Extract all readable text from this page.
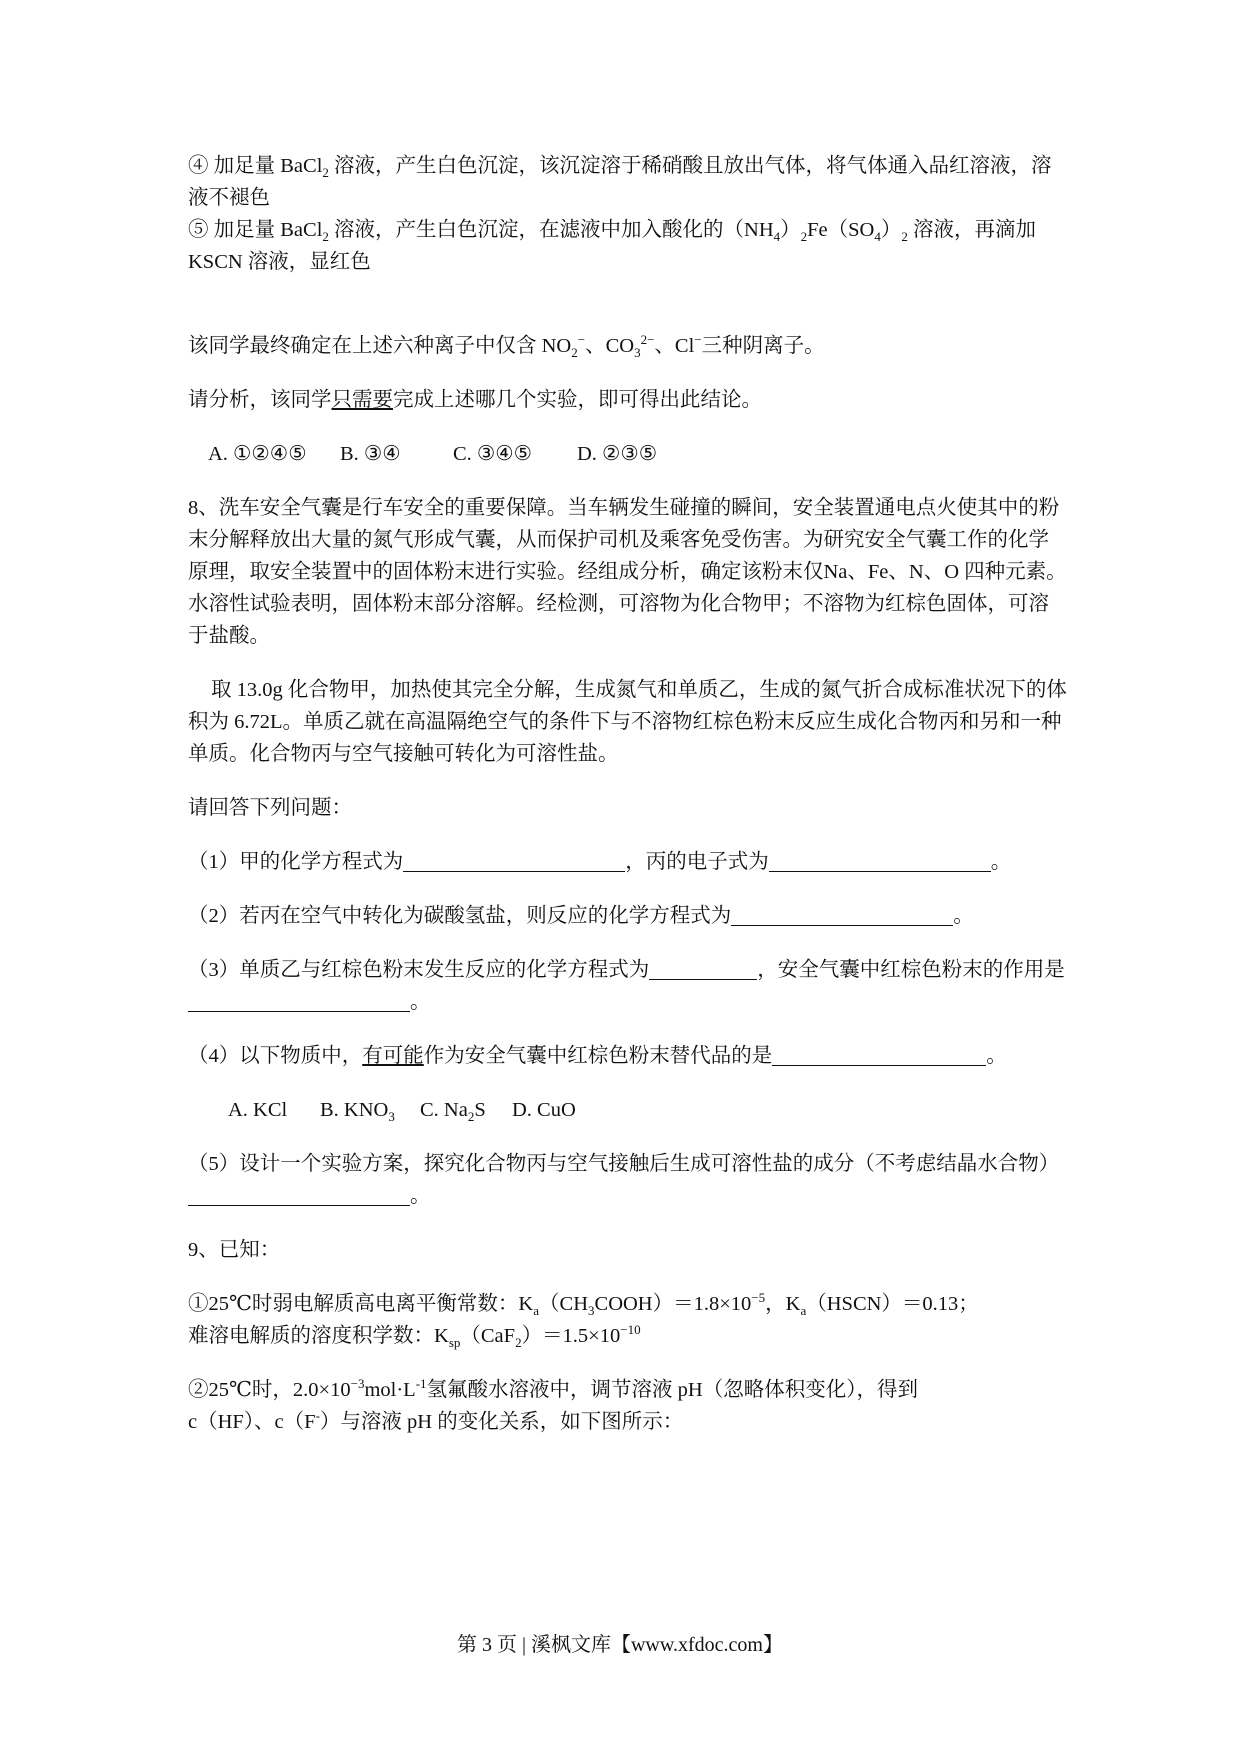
④ 加足量 BaCl$_2$ 溶液，产生白色沉淀，该沉淀溶于稀硝酸且放出气体，将气体通入品红溶液，溶液不褪色

⑤ 加足量 BaCl$_2$ 溶液，产生白色沉淀，在滤液中加入酸化的$(NH_4)_2Fe(SO_4)_2$ 溶液，再滴加 KSCN 溶液，显红色

该同学最终确定在上述六种离子中仅含 $NO_2^-$、$CO_3^{2-}$、Cl−三种阴离子。

请分析，该同学只需要完成上述哪几个实验，即可得出此结论。

A. ①②④⑤ B. ③④	C. ③④⑤ D. ②③⑤

8、洗车安全气囊是行车安全的重要保障。当车辆发生碰撞的瞬间，安全装置通电点火使其中的粉末分解释放出大量的氮气形成气囊，从而保护司机及乘客免受伤害。为研究安全气囊工作的化学原理，取安全装置中的固体粉末进行实验。经组成分析，确定该粉末仅Na、Fe、N、O 四种元素。水溶性试验表明，固体粉末部分溶解。经检测，可溶物为化合物甲；不溶物为红棕色固体，可溶于盐酸。

取 13.0g 化合物甲，加热使其完全分解，生成氮气和单质乙，生成的氮气折合成标准状况下的体积为 6.72L。单质乙就在高温隔绝空气的条件下与不溶物红棕色粉末反应生成化合物丙和另和一种单质。化合物丙与空气接触可转化为可溶性盐。

请回答下列问题：

（1）甲的化学方程式为	，丙的电子式为	。

（2）若丙在空气中转化为碳酸氢盐，则反应的化学方程式为	。

（3）单质乙与红棕色粉末发生反应的化学方程式为	，安全气囊中红棕色粉末的作用是。

（4）以下物质中，有可能作为安全气囊中红棕色粉末替代品的是	。

A. KCl B. $KNO_3$ C. $Na_2S$ D. CuO

（5）设计一个实验方案，探究化合物丙与空气接触后生成可溶性盐的成分（不考虑结晶水合物）。

9、已知：

①25℃时弱电解质高电离平衡常数：$K_a(CH_3COOH)=1.8\times 10^{-5}$，$K_a(HSCN)=0.13$；
难溶电解质的溶度积学数：$K_{sp}(CaF_2)=1.5\times 10^{-10}$

②25℃时，$2.0\times 10^{-3}mol\cdot L^{-1}$氢氟酸水溶液中，调节溶液 pH（忽略体积变化），得到
c（HF）、c（F-）与溶液 pH 的变化关系，如下图所示：

第 3 页 | 溪枫文库【www.xfdoc.com】
